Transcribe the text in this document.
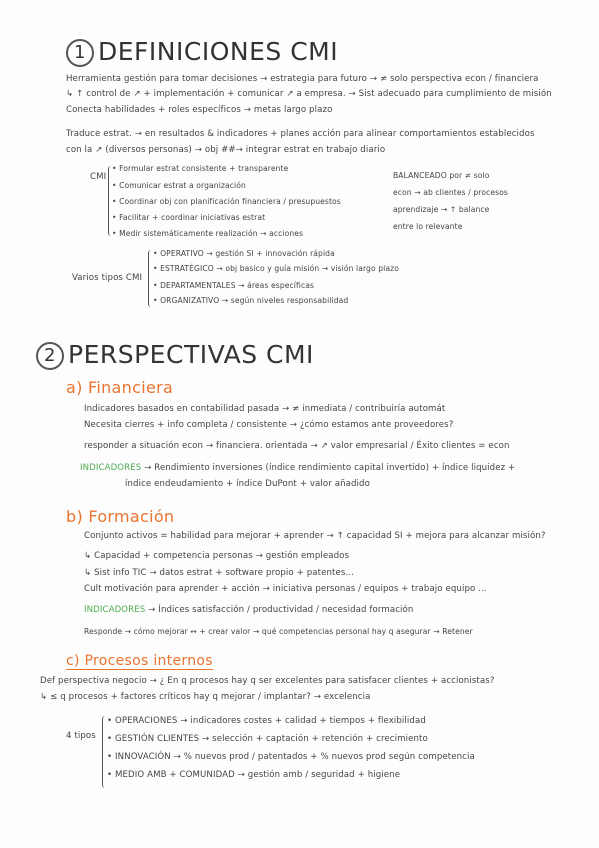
1 DEFINICIONES CMI
Herramienta gestión para tomar decisiones → estrategia para futuro → ≠ solo perspectiva econ / financiera
↳ ↑ control de ↗ + implementación + comunicar ↗ a empresa. → Sist adecuado para cumplimiento de misión
Conecta habilidades + roles específicos → metas largo plazo
Traduce estrat. → en resultados & indicadores + planes acción para alinear comportamientos establecidos
con la ↗ (diversos personas) → obj ##→ integrar estrat en trabajo diario
CMI
• Formular estrat consistente + transparente
• Comunicar estrat a organización
• Coordinar obj con planificación financiera / presupuestos
• Facilitar + coordinar iniciativas estrat
• Medir sistemáticamente realización → acciones
BALANCEADO por ≠ solo
econ → ab clientes / procesos
aprendizaje → ↑ balance
entre lo relevante
Varios tipos CMI
• OPERATIVO → gestión SI + innovación rápida
• ESTRATÉGICO → obj basico y guía misión → visión largo plazo
• DEPARTAMENTALES → áreas específicas
• ORGANIZATIVO → según niveles responsabilidad
2 PERSPECTIVAS CMI
a) Financiera
Indicadores basados en contabilidad pasada → ≠ inmediata / contribuiría automát
Necesita cierres + info completa / consistente → ¿cómo estamos ante proveedores?
responder a situación econ → financiera. orientada → ↗ valor empresarial / Éxito clientes = econ
INDICADORES → Rendimiento inversiones (índice rendimiento capital invertido) + índice liquidez +
índice endeudamiento + índice DuPont + valor añadido
b) Formación
Conjunto activos = habilidad para mejorar + aprender → ↑ capacidad SI + mejora para alcanzar misión?
↳ Capacidad + competencia personas → gestión empleados
↳ Sist info TIC → datos estrat + software propio + patentes...
Cult motivación para aprender + acción → iniciativa personas / equipos + trabajo equipo ...
INDICADORES → Índices satisfacción / productividad / necesidad formación
Responde → cómo mejorar ↔ + crear valor → qué competencias personal hay q asegurar → Retener
c) Procesos internos
Def perspectiva negocio → ¿ En q procesos hay q ser excelentes para satisfacer clientes + accionistas?
↳ ≤ q procesos + factores críticos hay q mejorar / implantar? → excelencia
4 tipos
• OPERACIONES → indicadores costes + calidad + tiempos + flexibilidad
• GESTIÓN CLIENTES → selección + captación + retención + crecimiento
• INNOVACIÓN → % nuevos prod / patentados + % nuevos prod según competencia
• MEDIO AMB + COMUNIDAD → gestión amb / seguridad + higiene
